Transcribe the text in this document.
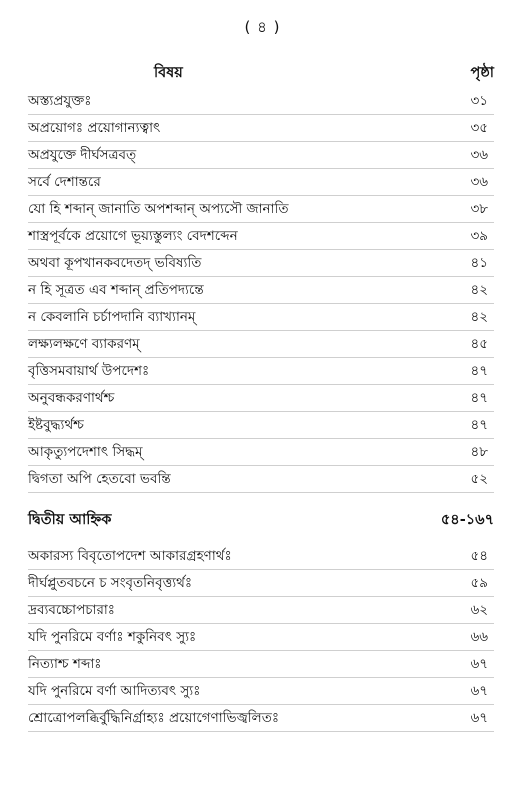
( ৪ )
বিষয়	পৃষ্ঠা
অস্ত্যপ্রযুক্তঃ	৩১
অপ্রয়োগঃ প্রয়োগান্যত্বাৎ	৩৫
অপ্রযুক্তে দীর্ঘসত্রবত্	৩৬
সর্বে দেশান্তরে	৩৬
যো হি শব্দান্ জানাতি অপশব্দান্ অপ্যসৌ জানাতি	৩৮
শাস্ত্রপূর্বকে প্রয়োগে ভূয়্যস্তুল্যং বেদশব্দেন	৩৯
অথবা কূপখানকবদেতদ্ ভবিষ্যতি	৪১
ন হি সূত্রত এব শব্দান্ প্রতিপদ্যন্তে	৪২
ন কেবলানি চর্চাপদানি ব্যাখ্যানম্	৪২
লক্ষ্যলক্ষণে ব্যাকরণম্	৪৫
বৃত্তিসমবায়ার্থ উপদেশঃ	৪৭
অনুবন্ধকরণার্থশ্চ	৪৭
ইষ্টবুদ্ধ্যর্থশ্চ	৪৭
আকৃত্যুপদেশাৎ সিদ্ধম্	৪৮
দ্বিগতা অপি হেতবো ভবন্তি	৫২
দ্বিতীয় আহ্নিক	৫৪-১৬৭
অকারস্য বিবৃতোপদেশ আকারগ্রহণার্থঃ	৫৪
দীর্ঘপ্লুতবচনে চ সংবৃতনিবৃত্ত্যর্থঃ	৫৯
দ্রব্যবচ্চোপচারাঃ	৬২
যদি পুনরিমে বর্ণাঃ শকুনিবৎ স্যুঃ	৬৬
নিত্যাশ্চ শব্দাঃ	৬৭
যদি পুনরিমে বর্ণা আদিত্যবৎ স্যুঃ	৬৭
শ্রোত্রোপলব্ধির্বুদ্ধিনির্গ্রাহ্যঃ প্রয়োগেণাভিজ্বলিতঃ	৬৭
